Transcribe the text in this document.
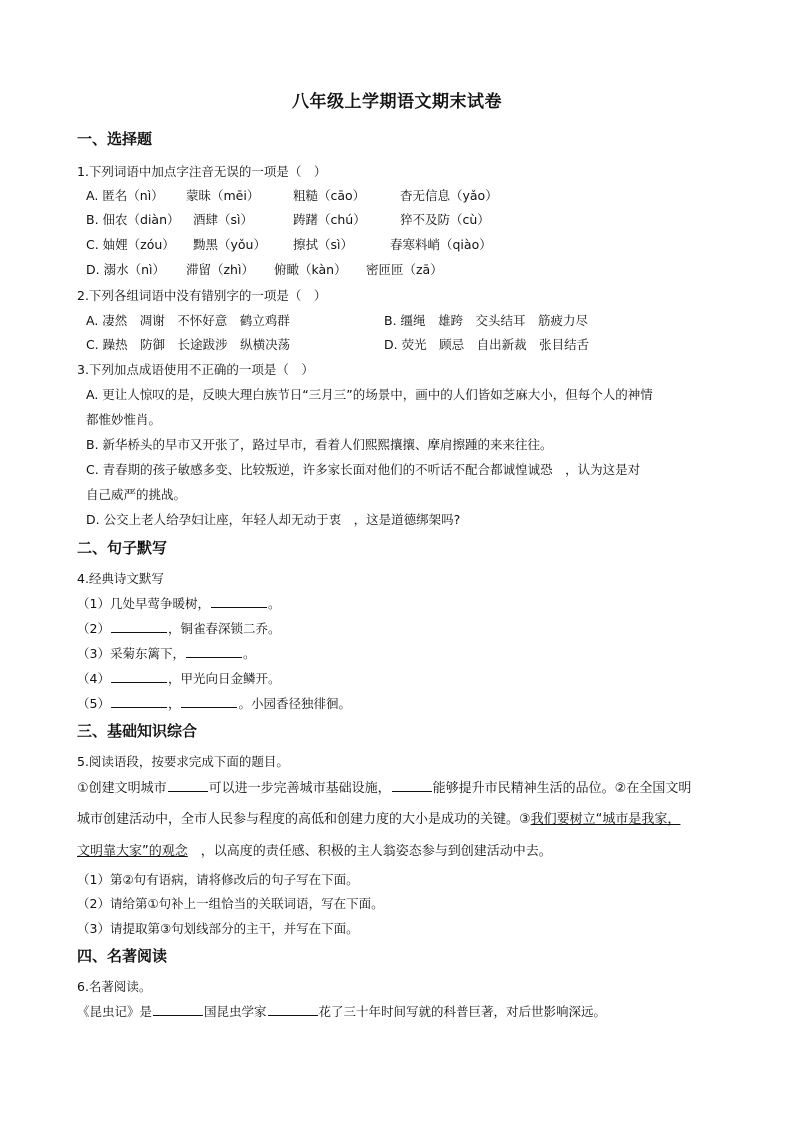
八年级上学期语文期末试卷
一、选择题
1.下列词语中加点字注音无误的一项是（　）
A. 匿名（nì） 蒙昧（mēi）	粗糙（cāo）	杳无信息（yǎo）
B. 佃农（diàn） 酒肆（sì）	踌躇（chú）	猝不及防（cù）
C. 妯娌（zóu） 黝黑（yǒu） 擦拭（sì）	春寒料峭（qiào）
D. 溺水（nì） 滞留（zhì） 俯瞰（kàn） 密匝匝（zā）
2.下列各组词语中没有错别字的一项是（　）
A. 凄然　凋谢　不怀好意　鹤立鸡群	B. 缰绳　雄跨　交头结耳　筋疲力尽
C. 躁热　防御　长途跋涉　纵横决荡	D. 荧光　顾忌　自出新裁　张目结舌
3.下列加点成语使用不正确的一项是（　）
A. 更让人惊叹的是，反映大理白族节日“三月三”的场景中，画中的人们皆如芝麻大小，但每个人的神情
都惟妙惟肖。
B. 新华桥头的早市又开张了，路过早市，看着人们熙熙攘攘、摩肩擦踵的来来往往。
C. 青春期的孩子敏感多变、比较叛逆，许多家长面对他们的不听话不配合都诚惶诚恐　，认为这是对
自己威严的挑战。
D. 公交上老人给孕妇让座，年轻人却无动于衷　，这是道德绑架吗?
二、句子默写
4.经典诗文默写
（1）几处早莺争暖树，	。
（2）	，铜雀春深锁二乔。
（3）采菊东篱下，	。
（4）	，甲光向日金鳞开。
（5）	，	。小园香径独徘徊。
三、基础知识综合
5.阅读语段，按要求完成下面的题目。
①创建文明城市	可以进一步完善城市基础设施，	能够提升市民精神生活的品位。②在全国文明
城市创建活动中，全市人民参与程度的高低和创建力度的大小是成功的关键。③我们要树立“城市是我家，
文明靠大家”的观念　，以高度的责任感、积极的主人翁姿态参与到创建活动中去。
（1）第②句有语病，请将修改后的句子写在下面。
（2）请给第①句补上一组恰当的关联词语，写在下面。
（3）请提取第③句划线部分的主干，并写在下面。
四、名著阅读
6.名著阅读。
《昆虫记》是	国昆虫学家	花了三十年时间写就的科普巨著，对后世影响深远。
